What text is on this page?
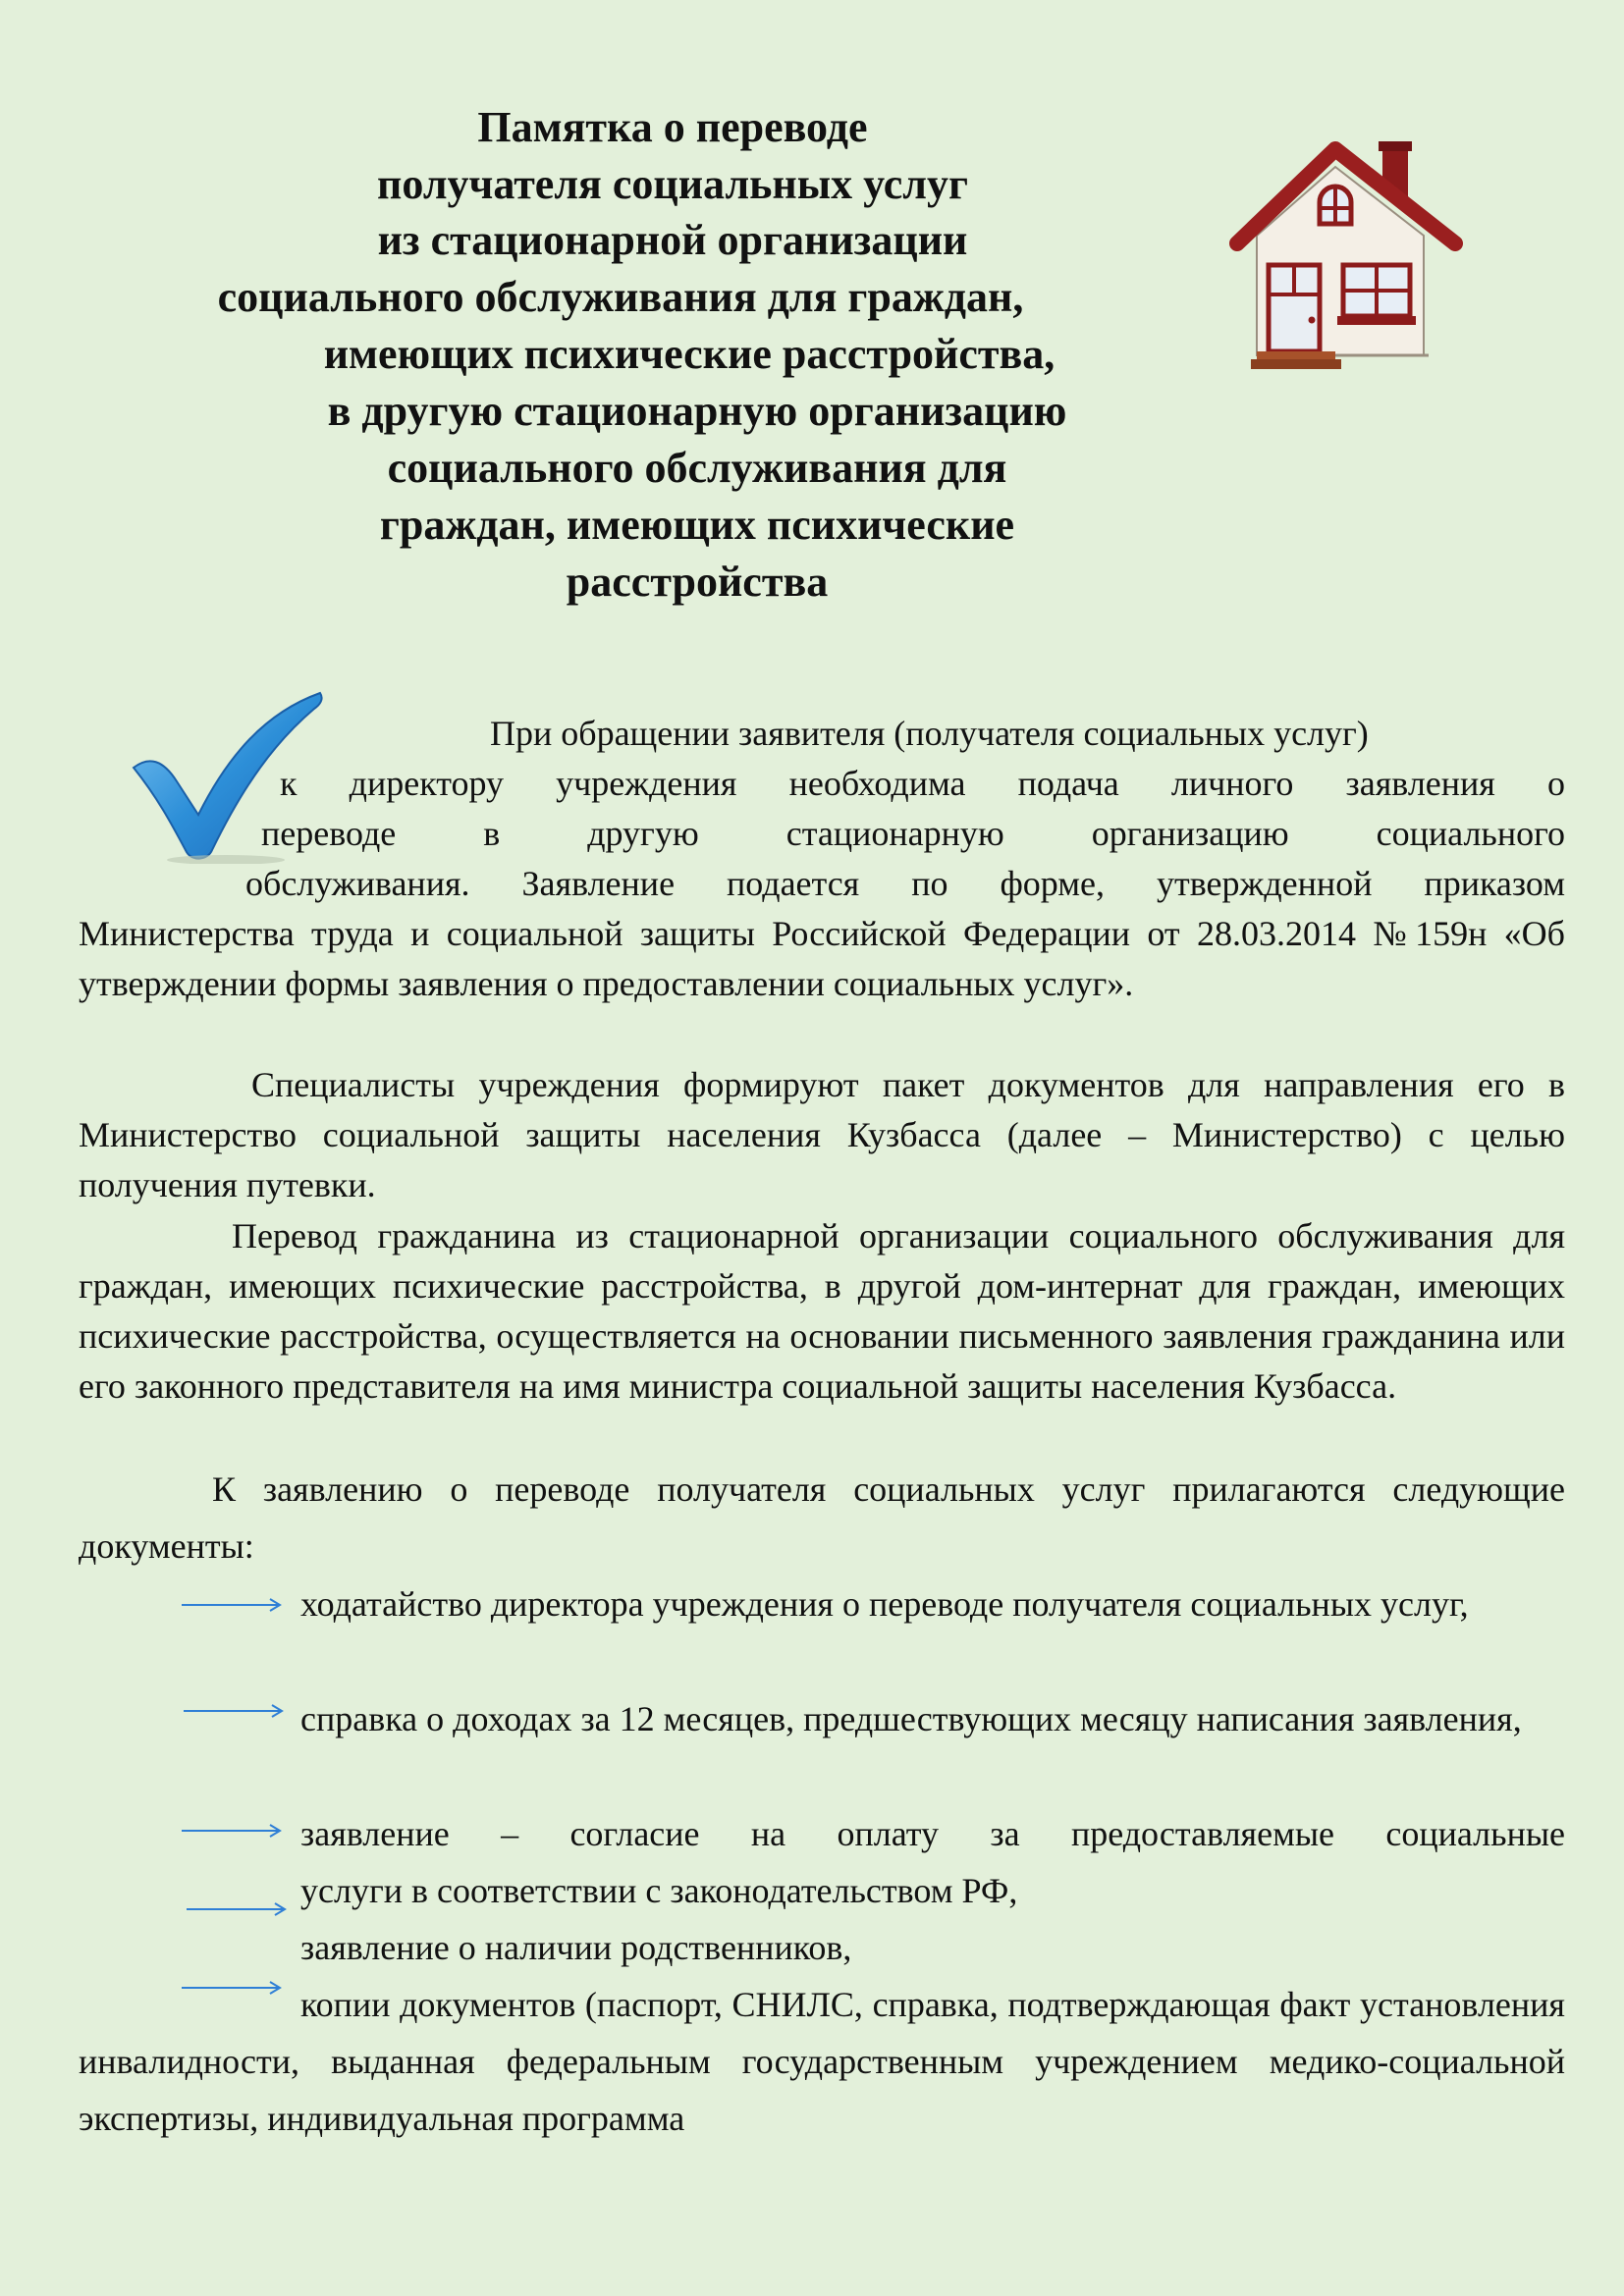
Памятка о переводе
получателя социальных услуг
из стационарной организации
социального обслуживания для граждан,
имеющих психические расстройства,
в другую стационарную организацию
социального обслуживания для
граждан, имеющих психические
расстройства
При обращении заявителя (получателя социальных услуг)
к директору учреждения необходима подача личного заявления о
переводе в другую стационарную организацию социального
обслуживания. Заявление подается по форме, утвержденной приказом
Министерства труда и социальной защиты Российской Федерации от 28.03.2014 №159н «Об утверждении формы заявления о предоставлении социальных услуг».
Специалисты учреждения формируют пакет документов для направления его в Министерство социальной защиты населения Кузбасса (далее – Министерство) с целью получения путевки.
Перевод гражданина из стационарной организации социального обслуживания для граждан, имеющих психические расстройства, в другой дом-интернат для граждан, имеющих психические расстройства, осуществляется на основании письменного заявления гражданина или его законного представителя на имя министра социальной защиты населения Кузбасса.
К заявлению о переводе получателя социальных услуг прилагаются следующие документы:
ходатайство директора учреждения о переводе получателя социальных услуг,
справка о доходах за 12 месяцев, предшествующих месяцу написания заявления,
заявление – согласие на оплату за предоставляемые социальные
услуги в соответствии с законодательством РФ,
заявление о наличии родственников,
копии документов (паспорт, СНИЛС, справка, подтверждающая факт установления инвалидности, выданная федеральным государственным учреждением медико-социальной экспертизы, индивидуальная программа
